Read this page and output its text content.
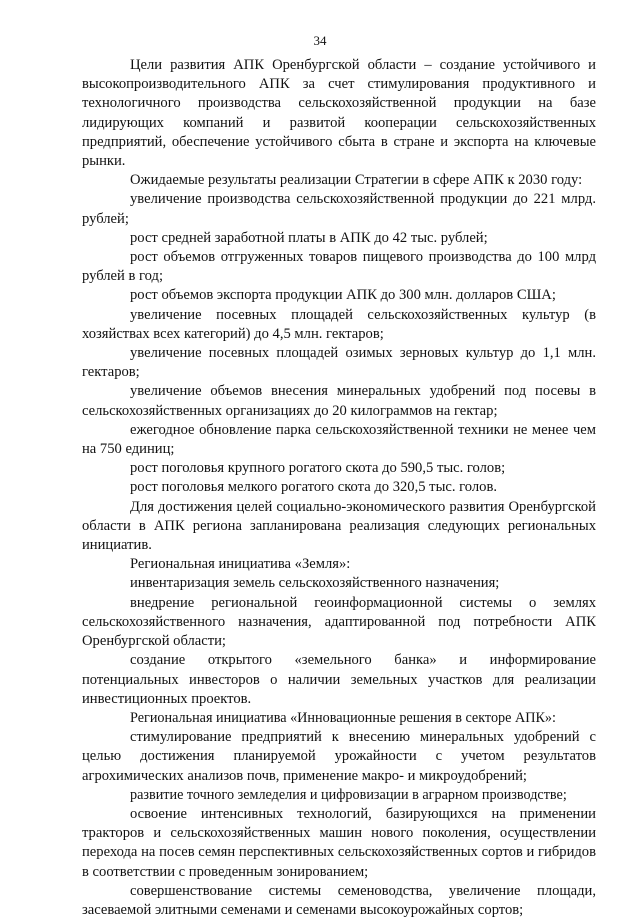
34

Цели развития АПК Оренбургской области – создание устойчивого и высокопроизводительного АПК за счет стимулирования продуктивного и технологичного производства сельскохозяйственной продукции на базе лидирующих компаний и развитой кооперации сельскохозяйственных предприятий, обеспечение устойчивого сбыта в стране и экспорта на ключевые рынки.

Ожидаемые результаты реализации Стратегии в сфере АПК к 2030 году:

увеличение производства сельскохозяйственной продукции до 221 млрд. рублей;

рост средней заработной платы в АПК до 42 тыс. рублей;

рост объемов отгруженных товаров пищевого производства до 100 млрд рублей в год;

рост объемов экспорта продукции АПК до 300 млн. долларов США;

увеличение посевных площадей сельскохозяйственных культур (в хозяйствах всех категорий) до 4,5 млн. гектаров;

увеличение посевных площадей озимых зерновых культур до 1,1 млн. гектаров;

увеличение объемов внесения минеральных удобрений под посевы в сельскохозяйственных организациях до 20 килограммов на гектар;

ежегодное обновление парка сельскохозяйственной техники не менее чем на 750 единиц;

рост поголовья крупного рогатого скота до 590,5 тыс. голов;

рост поголовья мелкого рогатого скота до 320,5 тыс. голов.

Для достижения целей социально-экономического развития Оренбургской области в АПК региона запланирована реализация следующих региональных инициатив.

Региональная инициатива «Земля»:

инвентаризация земель сельскохозяйственного назначения;

внедрение региональной геоинформационной системы о землях сельскохозяйственного назначения, адаптированной под потребности АПК Оренбургской области;

создание открытого «земельного банка» и информирование потенциальных инвесторов о наличии земельных участков для реализации инвестиционных проектов.

Региональная инициатива «Инновационные решения в секторе АПК»:

стимулирование предприятий к внесению минеральных удобрений с целью достижения планируемой урожайности с учетом результатов агрохимических анализов почв, применение макро- и микроудобрений;

развитие точного земледелия и цифровизации в аграрном производстве;

освоение интенсивных технологий, базирующихся на применении тракторов и сельскохозяйственных машин нового поколения, осуществлении перехода на посев семян перспективных сельскохозяйственных сортов и гибридов в соответствии с проведенным зонированием;

совершенствование системы семеноводства, увеличение площади, засеваемой элитными семенами и семенами высокоурожайных сортов;
